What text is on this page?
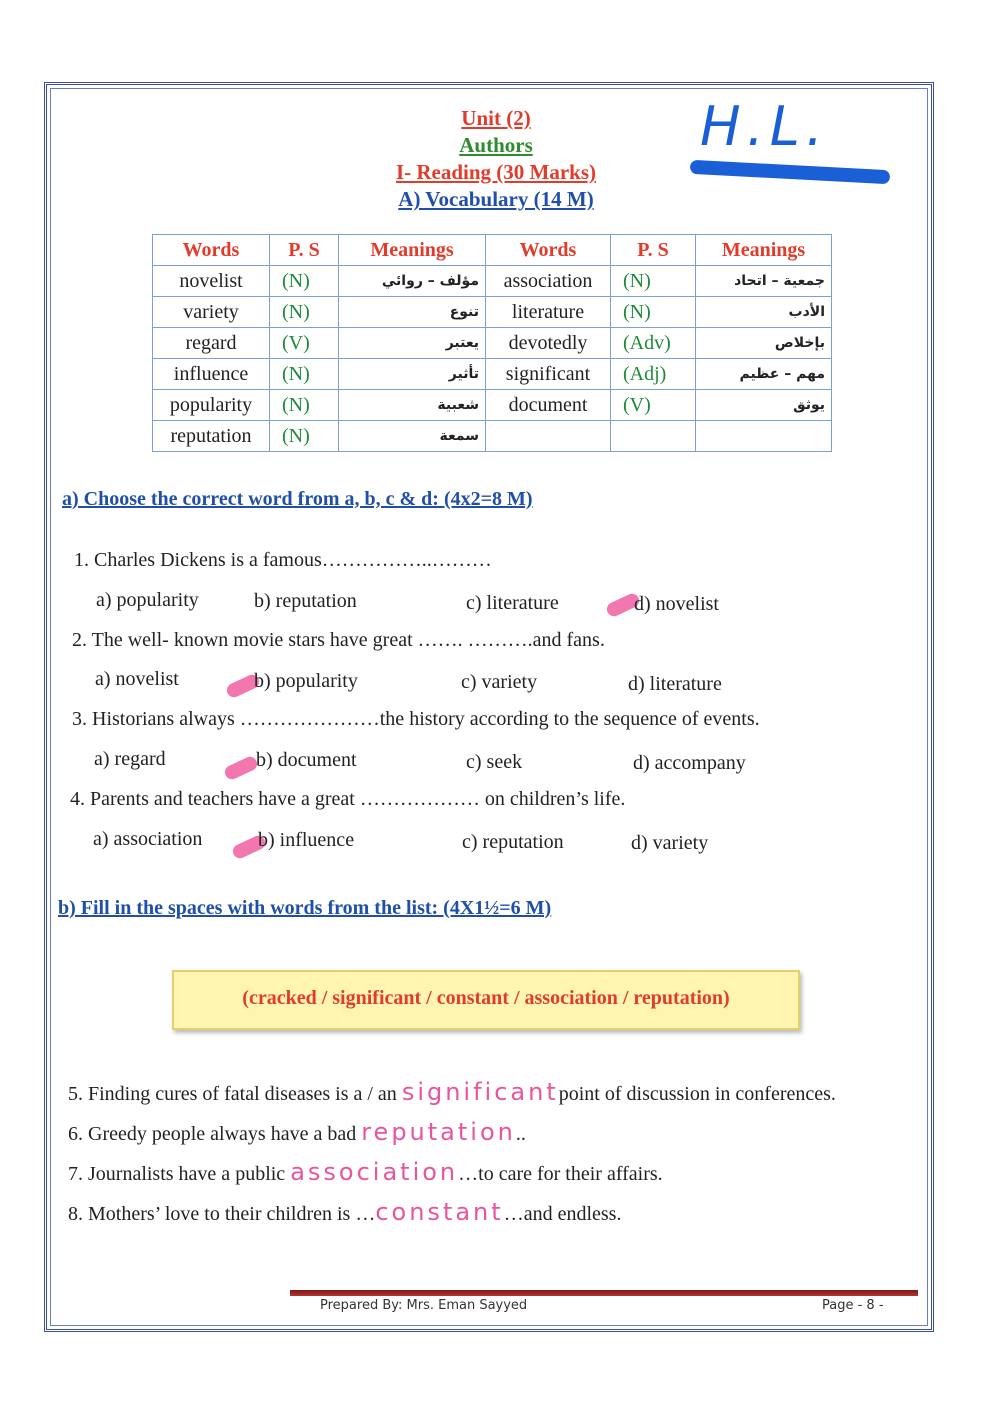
Unit (2)
Authors
I- Reading (30 Marks)
A) Vocabulary (14 M)
H.L.
Words	P. S	Meanings	Words	P. S	Meanings
novelist	(N)	مؤلف – روائي	association	(N)	جمعية – اتحاد
variety	(N)	تنوع	literature	(N)	الأدب
regard	(V)	يعتبر	devotedly	(Adv)	بإخلاص
influence	(N)	تأثير	significant	(Adj)	مهم – عظيم
popularity	(N)	شعبية	document	(V)	يوثق
reputation	(N)	سمعة			
a) Choose the correct word from a, b, c & d: (4x2=8 M)
1. Charles Dickens is a famous……………..………
a) popularity	b) reputation	c) literature	d) novelist
2. The well- known movie stars have great ……. ……….and fans.
a) novelist	b) popularity	c) variety	d) literature
3. Historians always …………………the history according to the sequence of events.
a) regard	b) document	c) seek	d) accompany
4. Parents and teachers have a great ……………… on children’s life.
a) association	b) influence	c) reputation	d) variety
b) Fill in the spaces with words from the list: (4X1½=6 M)
(cracked / significant / constant / association / reputation)
5. Finding cures of fatal diseases is a / an significantpoint of discussion in conferences.
6. Greedy people always have a bad reputation..
7. Journalists have a public association…to care for their affairs.
8. Mothers’ love to their children is …constant…and endless.
Prepared By: Mrs. Eman Sayyed	Page - 8 -
